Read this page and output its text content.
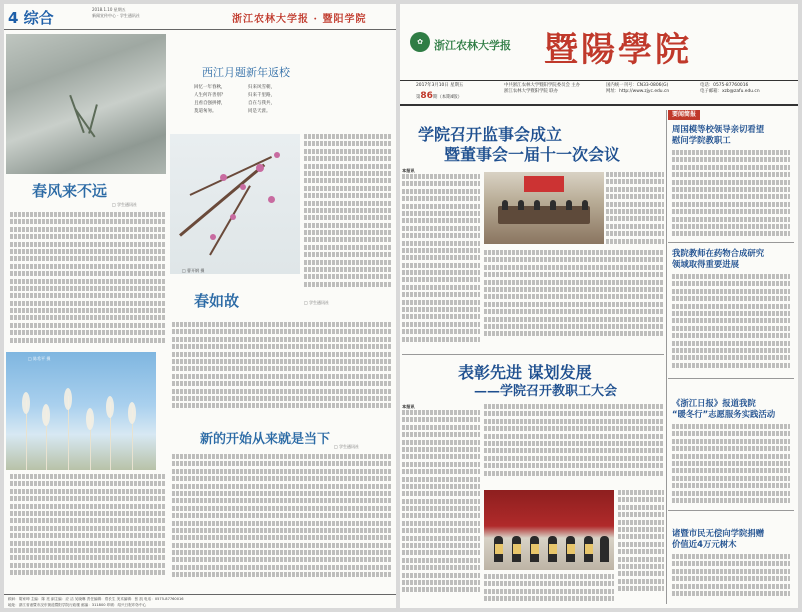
4 综合	2018.1.10 星期五
新闻宣传中心 · 学生通讯社	浙江农林大学报 · 暨阳学院
西江月题新年返校
回忆一年春秋，
人生何许善别？
且看自强拼搏，
莫道匆匆。
归来风雪朝，
归来千里路，
自在与我共，
同是天涯。
春风来不远
□ 学生通讯社
□ 曹开钢 摄
春如故	□ 学生通讯社
□ 陈希平 摄
新的开始从来就是当下 □ 学生通讯社
顾问：胡家坤 主编：陈 亮 副主编：应 洁 吴晓琳 责任编辑：郑长生 美术编辑：张 凯 电话：0575-87760016
地址：浙江省诸暨市浣东街道暨阳学院行政楼 邮编：311800 印刷：绍兴日报印务中心
✿	浙江农林大学报 暨陽學院
2017年3月10日 星期五
第86期（本期4版）
中共浙江农林大学暨阳学院委员会 主办
浙江农林大学暨阳学院 联办
国内统一刊号：CN33-0806(G)
网址：http://www.zjyc.edu.cn
电话：0575-87760016
电子邮箱：xzb@zafu.edu.cn
学院召开监事会成立
暨董事会一届十一次会议
本报讯
表彰先进 谋划发展
——学院召开教职工大会
本报讯
要闻简报
周国模等校领导亲切看望
慰问学院教职工
我院教师在药物合成研究
领域取得重要进展
《浙江日报》报道我院
“暖冬行”志愿服务实践活动
诸暨市民无偿向学院捐赠
价值近4万元树木
